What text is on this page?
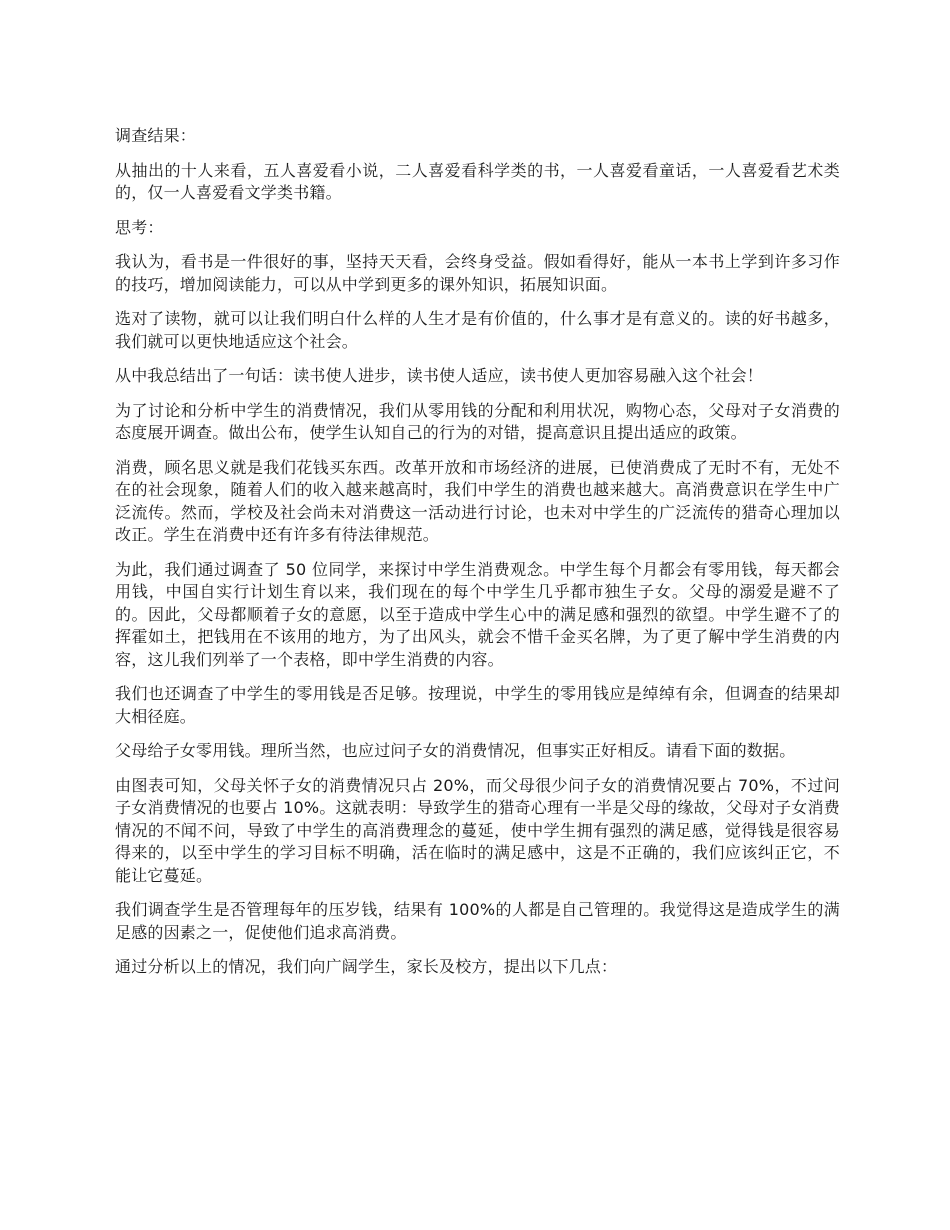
调查结果：

从抽出的十人来看，五人喜爱看小说，二人喜爱看科学类的书，一人喜爱看童话，一人喜爱看艺术类的，仅一人喜爱看文学类书籍。

思考：

我认为，看书是一件很好的事，坚持天天看，会终身受益。假如看得好，能从一本书上学到许多习作的技巧，增加阅读能力，可以从中学到更多的课外知识，拓展知识面。

选对了读物，就可以让我们明白什么样的人生才是有价值的，什么事才是有意义的。读的好书越多，我们就可以更快地适应这个社会。

从中我总结出了一句话：读书使人进步，读书使人适应，读书使人更加容易融入这个社会！

为了讨论和分析中学生的消费情况，我们从零用钱的分配和利用状况，购物心态，父母对子女消费的态度展开调查。做出公布，使学生认知自己的行为的对错，提高意识且提出适应的政策。

消费，顾名思义就是我们花钱买东西。改革开放和市场经济的进展，已使消费成了无时不有，无处不在的社会现象，随着人们的收入越来越高时，我们中学生的消费也越来越大。高消费意识在学生中广泛流传。然而，学校及社会尚未对消费这一活动进行讨论，也未对中学生的广泛流传的猎奇心理加以改正。学生在消费中还有许多有待法律规范。

为此，我们通过调查了 50 位同学，来探讨中学生消费观念。中学生每个月都会有零用钱，每天都会用钱，中国自实行计划生育以来，我们现在的每个中学生几乎都市独生子女。父母的溺爱是避不了的。因此，父母都顺着子女的意愿，以至于造成中学生心中的满足感和强烈的欲望。中学生避不了的挥霍如土，把钱用在不该用的地方，为了出风头，就会不惜千金买名牌，为了更了解中学生消费的内容，这儿我们列举了一个表格，即中学生消费的内容。

我们也还调查了中学生的零用钱是否足够。按理说，中学生的零用钱应是绰绰有余，但调查的结果却大相径庭。

父母给子女零用钱。理所当然，也应过问子女的消费情况，但事实正好相反。请看下面的数据。

由图表可知，父母关怀子女的消费情况只占 20%，而父母很少问子女的消费情况要占 70%，不过问子女消费情况的也要占 10%。这就表明：导致学生的猎奇心理有一半是父母的缘故，父母对子女消费情况的不闻不问，导致了中学生的高消费理念的蔓延，使中学生拥有强烈的满足感，觉得钱是很容易得来的，以至中学生的学习目标不明确，活在临时的满足感中，这是不正确的，我们应该纠正它，不能让它蔓延。

我们调查学生是否管理每年的压岁钱，结果有 100%的人都是自己管理的。我觉得这是造成学生的满足感的因素之一，促使他们追求高消费。

通过分析以上的情况，我们向广阔学生，家长及校方，提出以下几点：
